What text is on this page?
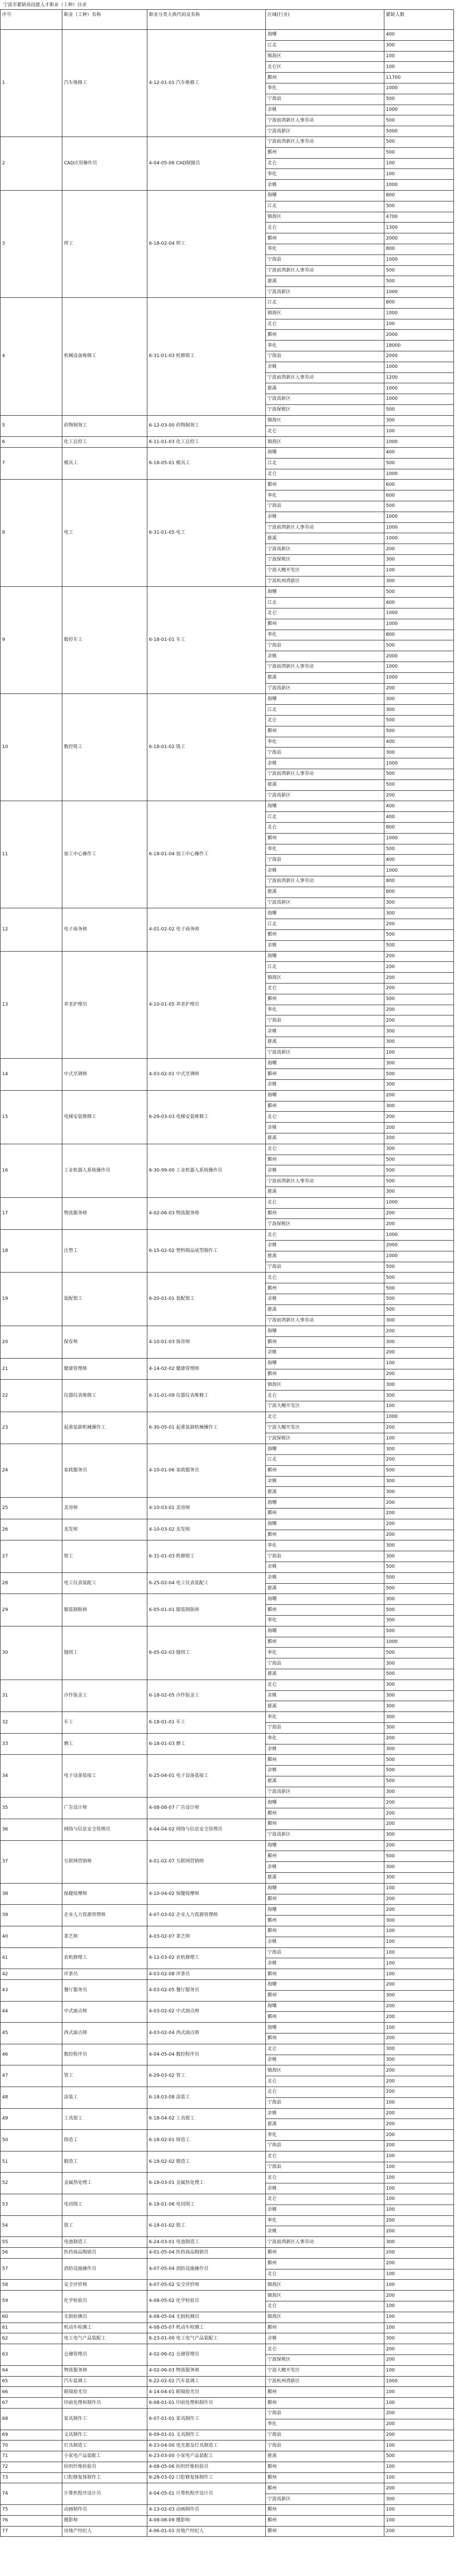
宁波市紧缺高技能人才职业（工种）目录
序号	职业（工种）名称	职业分类大典代码及名称	区域(行业)	紧缺人数
1	汽车维修工	4-12-01-01 汽车维修工	海曙	400
			江北	300
			镇海区	100
			北仑区	100
			鄞州	11700
			奉化	1000
			宁海县	500
			余姚	1000
			宁波前湾新区人事劳动	500
			宁波高新区	5000
2	CAD应用操作员	4-04-05-06 CAD制图员	宁波前湾新区人事劳动	500
			鄞州	500
			北仑	100
			奉化	100
			余姚	1000
3	焊工	6-18-02-04 焊工	海曙	800
			江北	500
			镇海区	4700
			北仑	1300
			鄞州	2000
			奉化	800
			宁海县	1000
			宁波前湾新区人事劳动	500
			慈溪	500
			宁波高新区	1000
4	机械设备维修工	6-31-01-03 机修钳工	江北	800
			镇海区	1000
			北仑	100
			鄞州	2000
			奉化	18000
			宁海县	2000
			余姚	1000
			宁波前湾新区人事劳动	1200
			慈溪	1000
			宁波高新区	1000
			宁波保税区	500
5	药物制剂工	6-12-03-00 药物制剂工	镇海区	300
			北仑	100
6	化工总控工	6-11-01-03 化工总控工	镇海区	1000
7	模具工	6-18-05-01 模具工	海曙	400
			江北	500
			北仑	1000
8	电工	6-31-01-05 电工	鄞州	600
			奉化	600
			宁海县	500
			余姚	1000
			宁波前湾新区人事劳动	1000
			慈溪	1000
			宁波高新区	200
			宁波保税区	300
			宁波大榭开发区	100
			宁波杭州湾新区	300
9	数控车工	6-18-01-01 车工	海曙	500
			江北	400
			北仑	1000
			鄞州	1000
			奉化	800
			宁海县	500
			余姚	2000
			宁波前湾新区人事劳动	1000
			慈溪	1000
			宁波高新区	200
10	数控铣工	6-18-01-02 铣工	海曙	300
			江北	300
			北仑	500
			鄞州	500
			奉化	400
			宁海县	300
			余姚	1000
			宁波前湾新区人事劳动	500
			慈溪	500
			宁波高新区	200
11	加工中心操作工	6-18-01-04 加工中心操作工	海曙	400
			江北	400
			北仑	800
			鄞州	1000
			奉化	500
			宁海县	400
			余姚	1000
			宁波前湾新区人事劳动	800
			慈溪	800
			宁波高新区	300
12	电子商务师	4-01-02-02 电子商务师	海曙	300
			江北	200
			鄞州	500
			余姚	500
13	养老护理员	4-10-01-05 养老护理员	海曙	200
			江北	200
			镇海区	200
			北仑	200
			鄞州	500
			奉化	200
			宁海县	200
			余姚	300
			慈溪	300
			宁波高新区	100
14	中式烹调师	4-03-02-01 中式烹调师	海曙	300
			鄞州	500
			余姚	300
15	电梯安装维修工	6-29-03-03 电梯安装维修工	海曙	200
			鄞州	300
			北仑	200
			余姚	200
			慈溪	200
16	工业机器人系统操作员	6-30-99-00 工业机器人系统操作员	北仑	300
			鄞州	500
			余姚	500
			宁波前湾新区人事劳动	500
			慈溪	300
17	物流服务师	4-02-06-03 物流服务师	北仑	1000
			鄞州	200
			宁波保税区	200
18	注塑工	6-15-02-02 塑料制品成型制作工	北仑	1000
			余姚	2000
			慈溪	1000
			宁海县	500
19	装配钳工	6-20-01-01 装配钳工	北仑	500
			鄞州	500
			余姚	500
			慈溪	500
			宁波前湾新区人事劳动	300
20	保育师	4-10-01-03 保育师	海曙	200
			鄞州	300
			余姚	200
21	健康管理师	4-14-02-02 健康管理师	海曙	100
			鄞州	200
22	仪器仪表维修工	6-31-01-09 仪器仪表维修工	镇海区	300
			北仑	300
			宁波大榭开发区	100
23	起重装卸机械操作工	6-30-05-01 起重装卸机械操作工	北仑	1000
			宁波大榭开发区	200
			宁波保税区	100
24	家政服务员	4-10-01-06 家政服务员	海曙	300
			江北	200
			鄞州	500
			余姚	300
			慈溪	300
25	美容师	4-10-03-01 美容师	海曙	200
			鄞州	200
26	美发师	4-10-03-02 美发师	海曙	200
			鄞州	200
27	钳工	6-31-01-03 机修钳工	奉化	300
			宁海县	300
			余姚	500
28	电工仪表装配工	6-25-02-04 电工仪表装配工	余姚	500
			慈溪	500
29	服装制版师	6-05-01-01 服装制版师	海曙	300
			鄞州	500
			奉化	300
30	缝纫工	6-05-02-03 缝纫工	海曙	500
			鄞州	1000
			奉化	500
			宁海县	300
			慈溪	500
31	冷作钣金工	6-18-02-05 冷作钣金工	北仑	300
			余姚	300
			慈溪	300
32	车工	6-18-01-01 车工	奉化	300
			宁海县	300
33	磨工	6-18-01-03 磨工	奉化	200
			余姚	300
34	电子设备装接工	6-25-04-01 电子设备装接工	鄞州	500
			余姚	500
			慈溪	500
			宁波高新区	300
35	广告设计师	4-08-08-07 广告设计师	海曙	200
			鄞州	200
36	网络与信息安全管理员	4-04-04-02 网络与信息安全管理员	鄞州	200
			宁波高新区	300
37	互联网营销师	4-01-02-07 互联网营销师	海曙	200
			鄞州	500
			余姚	300
			慈溪	300
38	保健按摩师	4-10-04-02 保健按摩师	海曙	100
			鄞州	200
39	企业人力资源管理师	4-07-03-02 企业人力资源管理师	海曙	200
			鄞州	300
40	茶艺师	4-03-02-07 茶艺师	鄞州	100
			余姚	100
41	农机修理工	4-12-03-02 农机修理工	宁海县	100
			余姚	100
42	评茶员	4-03-02-08 评茶员	鄞州	100
43	餐厅服务员	4-03-02-05 餐厅服务员	海曙	200
			鄞州	300
44	中式面点师	4-03-02-02 中式面点师	海曙	200
			鄞州	200
45	西式面点师	4-03-02-04 西式面点师	海曙	100
			鄞州	200
46	数控程序员	4-04-05-04 数控程序员	北仑	300
			余姚	300
47	管工	6-29-03-02 管工	镇海区	200
			北仑	200
48	涂装工	6-18-03-08 涂装工	北仑	200
			宁海县	100
49	工具钳工	6-18-04-02 工具钳工	余姚	200
			慈溪	200
50	铸造工	6-18-02-01 铸造工	奉化	200
			宁海县	200
51	锻造工	6-18-02-02 锻造工	北仑	100
			宁海县	100
52	金属热处理工	6-18-03-01 金属热处理工	北仑	100
			余姚	100
53	电切削工	6-18-01-06 电切削工	北仑	100
			余姚	100
54	铣工	6-18-01-02 铣工	奉化	200
			余姚	200
55	电池制造工	6-24-03-01 电池制造工	宁波前湾新区人事劳动	300
56	医药商品购销员	4-01-05-04 医药商品购销员	鄞州	200
57	消防设施操作员	4-07-05-04 消防设施操作员	鄞州	200
			北仑	100
58	安全评价师	4-07-05-02 安全评价师	镇海区	100
59	化学检验员	4-08-05-02 化学检验员	镇海区	200
			北仑	100
60	无损检测员	4-08-05-04 无损检测员	镇海区	100
61	机动车检测工	4-08-05-07 机动车检测工	鄞州	100
62	电工电气产品装配工	6-23-01-00 电工电气产品装配工	余姚	300
63	仓储管理员	4-02-06-01 仓储管理员	北仑	200
			宁波保税区	200
64	物流服务师	4-02-06-03 物流服务师	宁波大榭开发区	100
65	汽车装调工	6-22-02-02 汽车装调工	宁波杭州湾新区	1000
66	眼镜验光员	4-14-04-01 眼镜验光员	鄞州	100
67	印前处理和制作员	6-08-01-01 印前处理和制作员	鄞州	100
68	家具制作工	6-07-01-01 家具制作工	宁海县	200
			奉化	200
69	文具制作工	6-09-01-01 文具制作工	宁海县	200
70	灯具制造工	6-23-04-00 电光源及灯具制造工	宁海县	100
71	小家电产品装配工	6-23-03-00 小家电产品装配工	慈溪	500
72	纺织纤维检验员	4-08-05-06 纺织纤维检验员	鄞州	100
73	口腔修复体制作工	6-28-03-02 口腔修复体制作工	鄞州	100
74	计算机程序设计员	4-04-05-01 计算机程序设计员	鄞州	200
			宁波高新区	300
75	动画制作员	4-13-02-03 动画制作员	鄞州	100
76	摄影师	4-08-08-09 摄影师	鄞州	100
77	房地产经纪人	4-06-01-01 房地产经纪人	鄞州	200
